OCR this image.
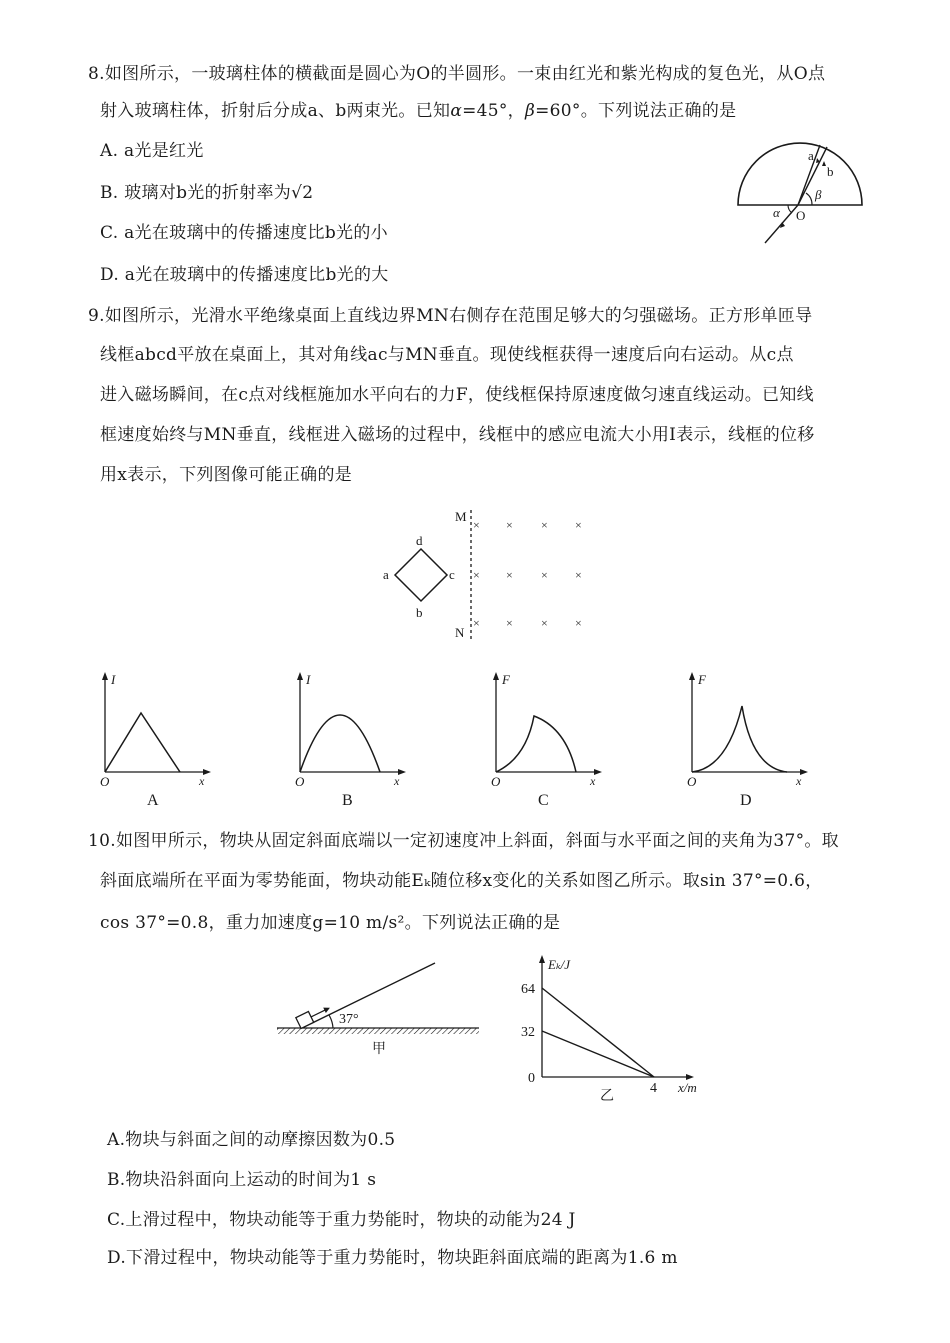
8.如图所示，一玻璃柱体的横截面是圆心为O的半圆形。一束由红光和紫光构成的复色光，从O点
射入玻璃柱体，折射后分成a、b两束光。已知α=45°，β=60°。下列说法正确的是
A. a光是红光
B. 玻璃对b光的折射率为√2
C. a光在玻璃中的传播速度比b光的小
D. a光在玻璃中的传播速度比b光的大
a
b
β
α O
9.如图所示，光滑水平绝缘桌面上直线边界MN右侧存在范围足够大的匀强磁场。正方形单匝导
线框abcd平放在桌面上，其对角线ac与MN垂直。现使线框获得一速度后向右运动。从c点
进入磁场瞬间，在c点对线框施加水平向右的力F，使线框保持原速度做匀速直线运动。已知线
框速度始终与MN垂直，线框进入磁场的过程中，线框中的感应电流大小用I表示，线框的位移
用x表示，下列图像可能正确的是
d
a	c
b
M
N
× × × ×
× × × ×
× × × ×
I
O	x
A
I
O	x
B
F
O	x
C
F
O	x
D
10.如图甲所示，物块从固定斜面底端以一定初速度冲上斜面，斜面与水平面之间的夹角为37°。取
斜面底端所在平面为零势能面，物块动能Eₖ随位移x变化的关系如图乙所示。取sin 37°=0.6，
cos 37°=0.8，重力加速度g=10 m/s²。下列说法正确的是
37°
甲
Eₖ/J
64
32
0
4 x/m
乙
A.物块与斜面之间的动摩擦因数为0.5
B.物块沿斜面向上运动的时间为1 s
C.上滑过程中，物块动能等于重力势能时，物块的动能为24 J
D.下滑过程中，物块动能等于重力势能时，物块距斜面底端的距离为1.6 m
